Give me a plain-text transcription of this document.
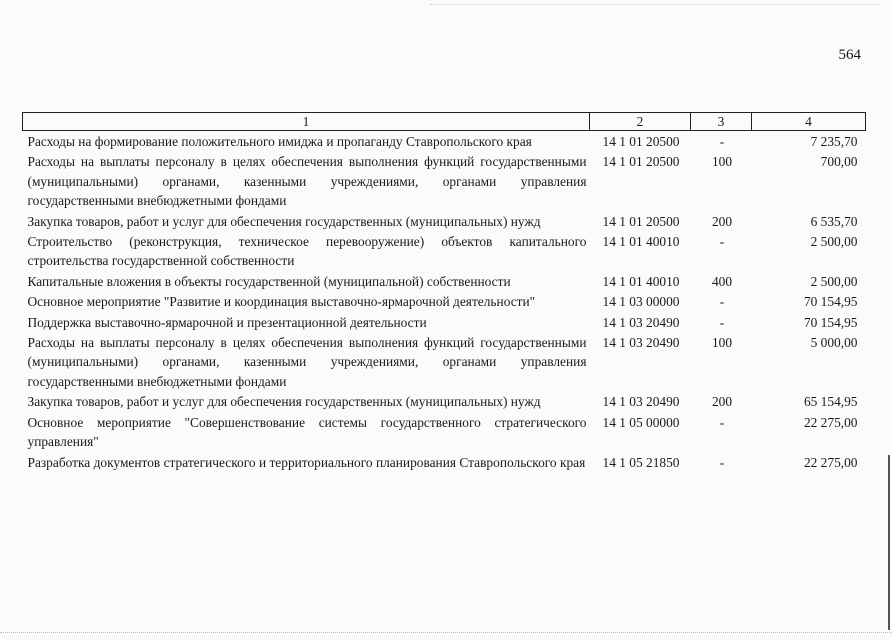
564
1	2	3	4
Расходы на формирование положительного имиджа и пропаганду Ставропольского края	14 1 01 20500	-	7 235,70
Расходы на выплаты персоналу в целях обеспечения выполнения функций государственными (муниципальными) органами, казенными учреждениями, органами управления государственными внебюджетными фондами	14 1 01 20500	100	700,00
Закупка товаров, работ и услуг для обеспечения государственных (муниципальных) нужд	14 1 01 20500	200	6 535,70
Строительство (реконструкция, техническое перевооружение) объектов капитального строительства государственной собственности	14 1 01 40010	-	2 500,00
Капитальные вложения в объекты государственной (муниципальной) собственности	14 1 01 40010	400	2 500,00
Основное мероприятие "Развитие и координация выставочно-ярмарочной деятельности"	14 1 03 00000	-	70 154,95
Поддержка выставочно-ярмарочной и презентационной деятельности	14 1 03 20490	-	70 154,95
Расходы на выплаты персоналу в целях обеспечения выполнения функций государственными (муниципальными) органами, казенными учреждениями, органами управления государственными внебюджетными фондами	14 1 03 20490	100	5 000,00
Закупка товаров, работ и услуг для обеспечения государственных (муниципальных) нужд	14 1 03 20490	200	65 154,95
Основное мероприятие "Совершенствование системы государственного стратегического управления"	14 1 05 00000	-	22 275,00
Разработка документов стратегического и территориального планирования Ставропольского края	14 1 05 21850	-	22 275,00
